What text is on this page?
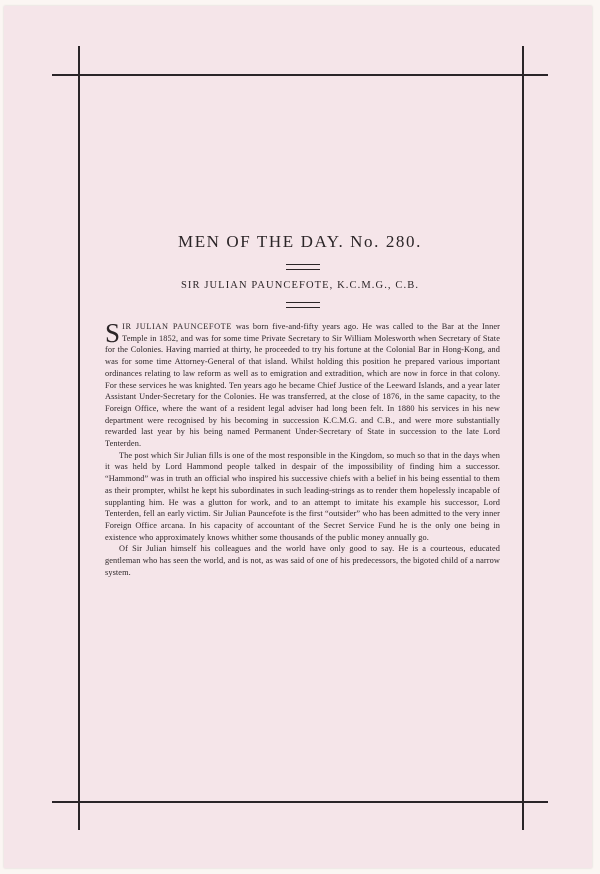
MEN OF THE DAY. No. 280.
SIR JULIAN PAUNCEFOTE, K.C.M.G., C.B.

SIR JULIAN PAUNCEFOTE was born five-and-fifty years ago. He was called to the Bar at the Inner Temple in 1852, and was for some time Private Secretary to Sir William Molesworth when Secretary of State for the Colonies. Having married at thirty, he proceeded to try his fortune at the Colonial Bar in Hong-Kong, and was for some time Attorney-General of that island. Whilst holding this position he prepared various important ordinances relating to law reform as well as to emigration and extradition, which are now in force in that colony. For these services he was knighted. Ten years ago he became Chief Justice of the Leeward Islands, and a year later Assistant Under-Secretary for the Colonies. He was transferred, at the close of 1876, in the same capacity, to the Foreign Office, where the want of a resident legal adviser had long been felt. In 1880 his services in his new department were recognised by his becoming in succession K.C.M.G. and C.B., and were more substantially rewarded last year by his being named Permanent Under-Secretary of State in succession to the late Lord Tenterden.

The post which Sir Julian fills is one of the most responsible in the Kingdom, so much so that in the days when it was held by Lord Hammond people talked in despair of the impossibility of finding him a successor. “Hammond” was in truth an official who inspired his successive chiefs with a belief in his being essential to them as their prompter, whilst he kept his subordinates in such leading-strings as to render them hopelessly incapable of supplanting him. He was a glutton for work, and to an attempt to imitate his example his successor, Lord Tenterden, fell an early victim. Sir Julian Pauncefote is the first “outsider” who has been admitted to the very inner Foreign Office arcana. In his capacity of accountant of the Secret Service Fund he is the only one being in existence who approximately knows whither some thousands of the public money annually go.

Of Sir Julian himself his colleagues and the world have only good to say. He is a courteous, educated gentleman who has seen the world, and is not, as was said of one of his predecessors, the bigoted child of a narrow system.
